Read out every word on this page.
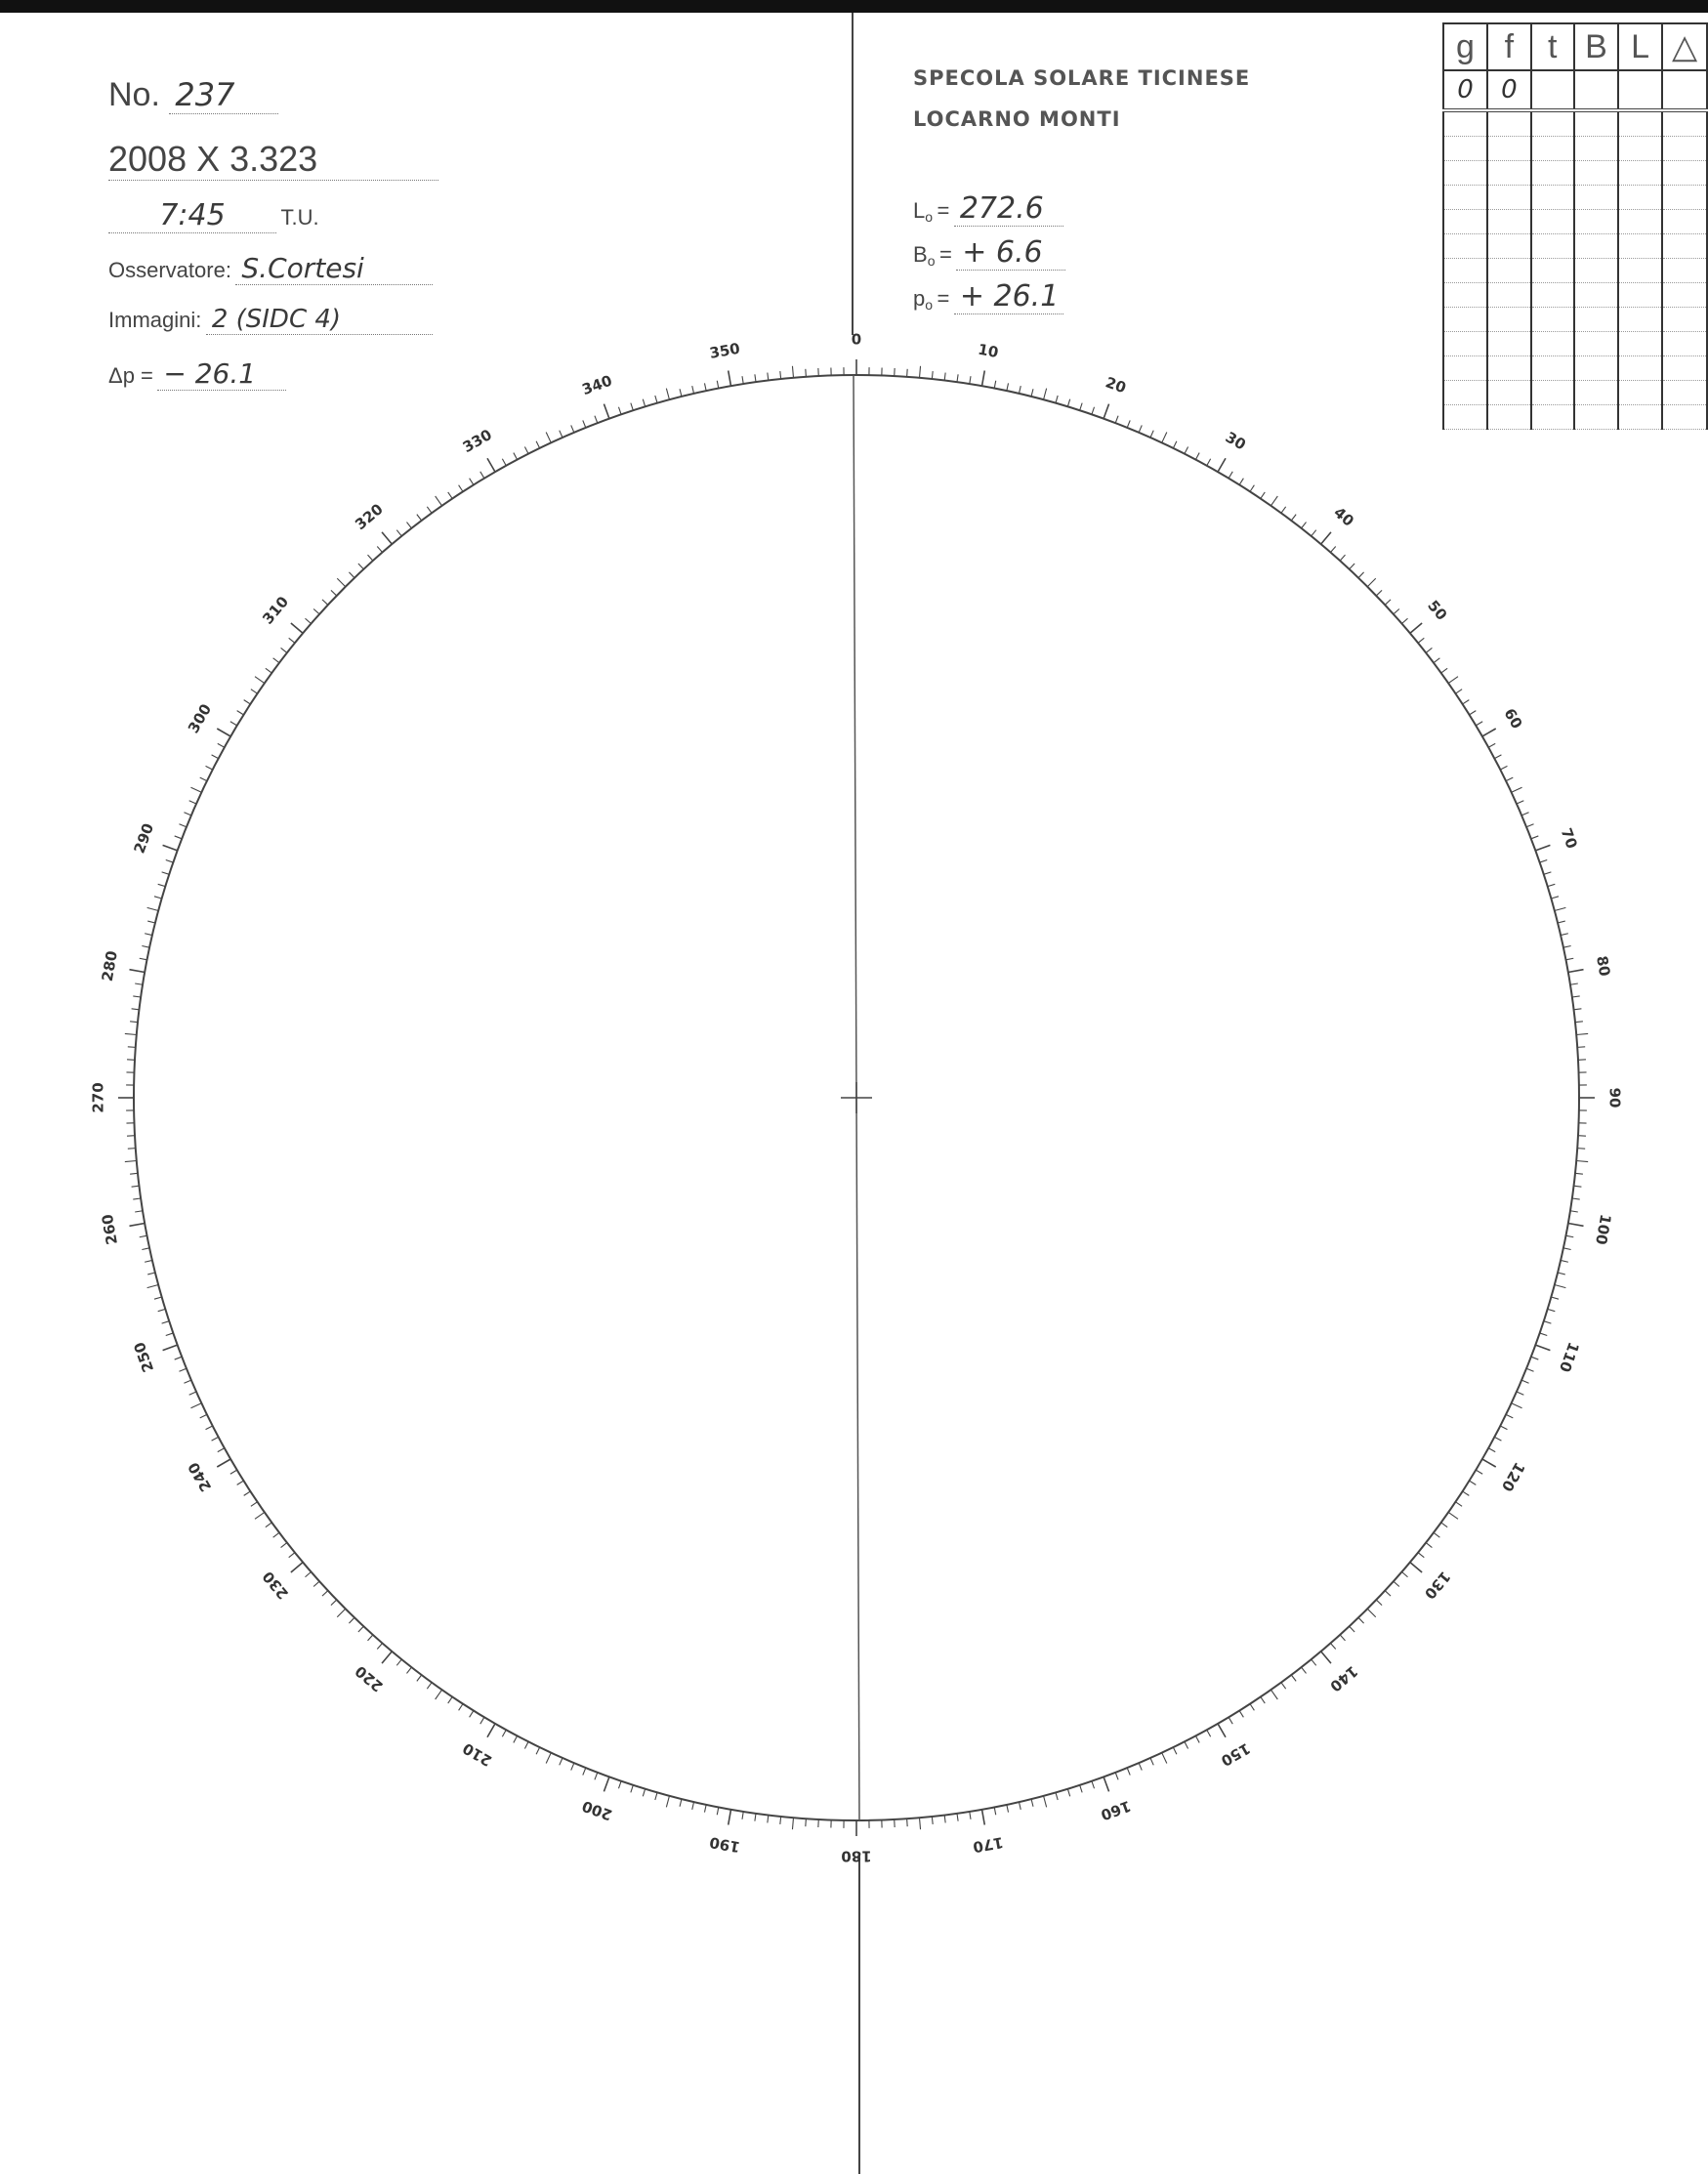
No. 237
2008 X 3.323
7:45	T.U.
Osservatore: S.Cortesi
Immagini: 2 (SIDC 4)
Δp = − 26.1
SPECOLA SOLARE TICINESE
LOCARNO MONTI
$L_o = 272.6$
$B_o$ = + 6.6
$p_o$ = + 26.1
g	f	t	B	L	△
0	0				

0
10
20
30
40
50
60
70
80
90
100
110
120
130
140
150
160
170
180
190
200
210
220
230
240
250
260
270
280
290
300
310
320
330
340
350
